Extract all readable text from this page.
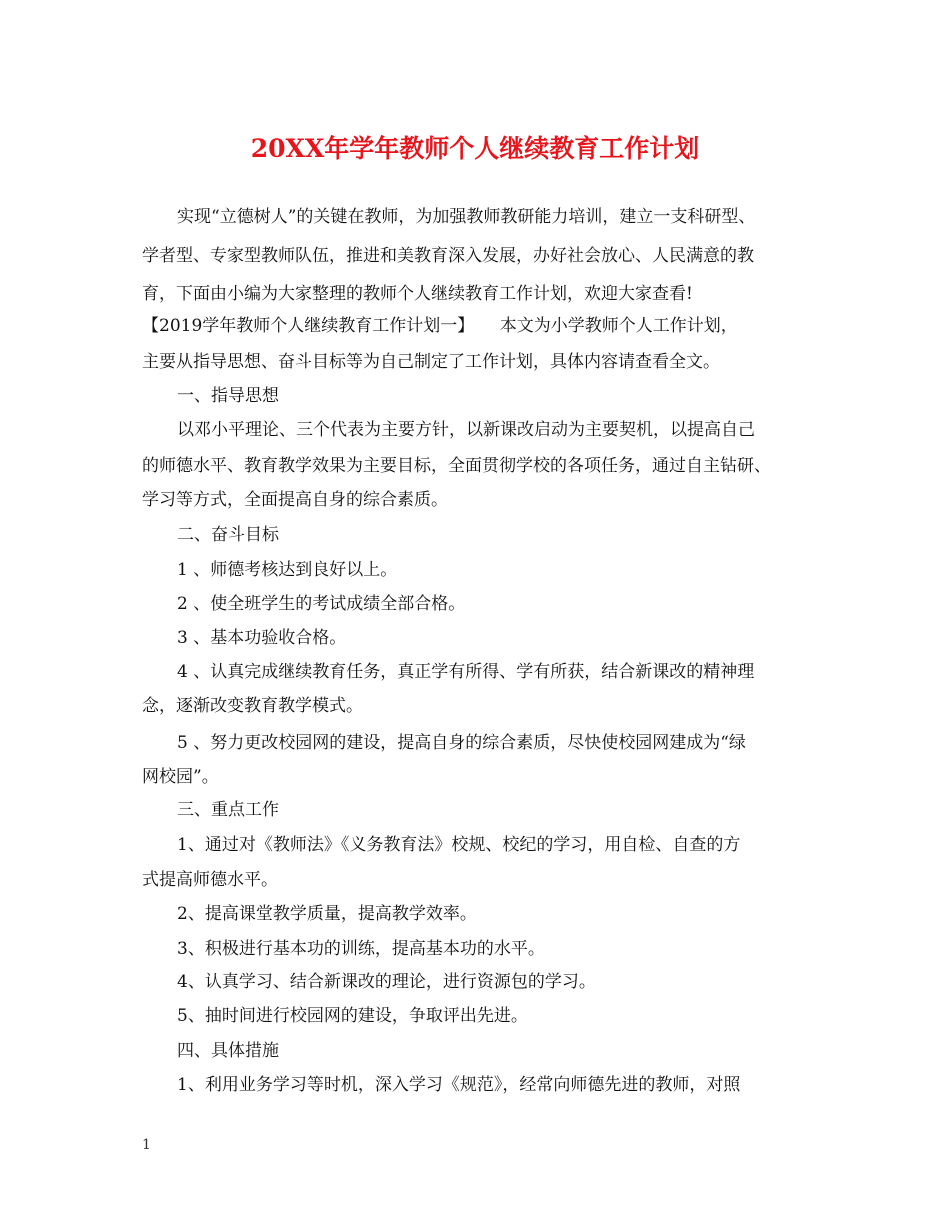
20XX年学年教师个人继续教育工作计划
实现“立德树人”的关键在教师，为加强教师教研能力培训，建立一支科研型、
学者型、专家型教师队伍，推进和美教育深入发展，办好社会放心、人民满意的教
育，下面由小编为大家整理的教师个人继续教育工作计划，欢迎大家查看!
【2019学年教师个人继续教育工作计划一】　　本文为小学教师个人工作计划，
主要从指导思想、奋斗目标等为自己制定了工作计划，具体内容请查看全文。
一、指导思想
以邓小平理论、三个代表为主要方针，以新课改启动为主要契机，以提高自己
的师德水平、教育教学效果为主要目标，全面贯彻学校的各项任务，通过自主钻研、
学习等方式，全面提高自身的综合素质。
二、奋斗目标
1 、师德考核达到良好以上。
2 、使全班学生的考试成绩全部合格。
3 、基本功验收合格。
4 、认真完成继续教育任务，真正学有所得、学有所获，结合新课改的精神理
念，逐渐改变教育教学模式。
5 、努力更改校园网的建设，提高自身的综合素质，尽快使校园网建成为“绿
网校园”。
三、重点工作
1、通过对《教师法》《义务教育法》校规、校纪的学习，用自检、自查的方
式提高师德水平。
2、提高课堂教学质量，提高教学效率。
3、积极进行基本功的训练，提高基本功的水平。
4、认真学习、结合新课改的理论，进行资源包的学习。
5、抽时间进行校园网的建设，争取评出先进。
四、具体措施
1、利用业务学习等时机，深入学习《规范》，经常向师德先进的教师，对照
1
